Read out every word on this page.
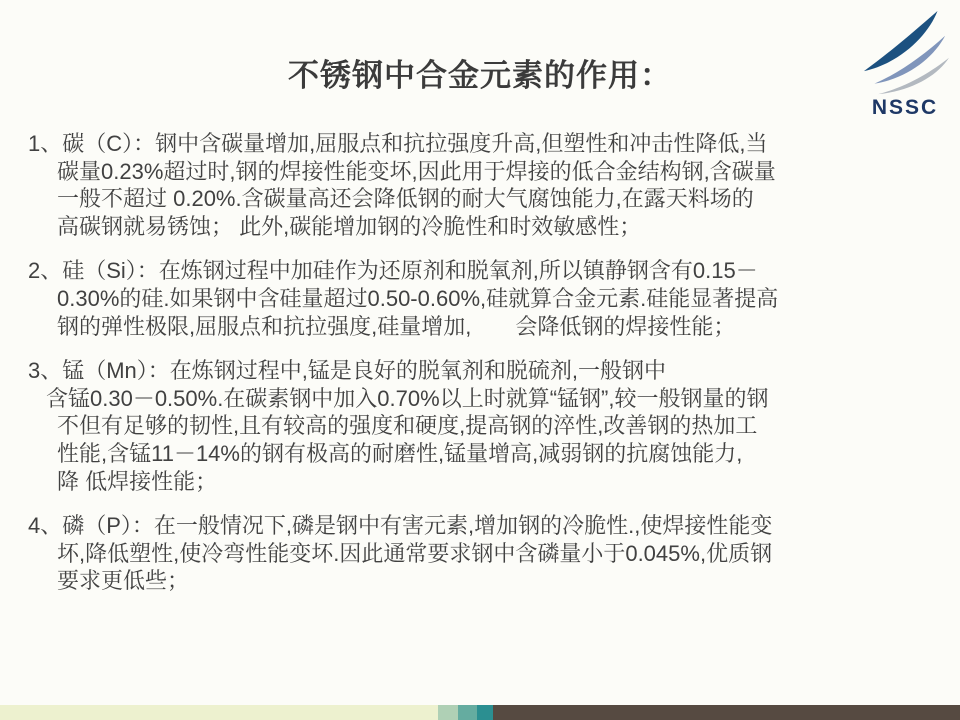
不锈钢中合金元素的作用：
NSSC
1、碳（C）：钢中含碳量增加,屈服点和抗拉强度升高,但塑性和冲击性降低,当
碳量0.23%超过时,钢的焊接性能变坏,因此用于焊接的低合金结构钢,含碳量
一般不超过 0.20%.含碳量高还会降低钢的耐大气腐蚀能力,在露天料场的
高碳钢就易锈蚀； 此外,碳能增加钢的冷脆性和时效敏感性；
2、硅（Si）：在炼钢过程中加硅作为还原剂和脱氧剂,所以镇静钢含有0.15－
0.30%的硅.如果钢中含硅量超过0.50-0.60%,硅就算合金元素.硅能显著提高
钢的弹性极限,屈服点和抗拉强度,硅量增加,　　会降低钢的焊接性能；
3、锰（Mn）：在炼钢过程中,锰是良好的脱氧剂和脱硫剂,一般钢中
含锰0.30－0.50%.在碳素钢中加入0.70%以上时就算“锰钢”,较一般钢量的钢
不但有足够的韧性,且有较高的强度和硬度,提高钢的淬性,改善钢的热加工
性能,含锰11－14%的钢有极高的耐磨性,锰量增高,减弱钢的抗腐蚀能力,
降 低焊接性能；
4、磷（P）：在一般情况下,磷是钢中有害元素,增加钢的冷脆性.,使焊接性能变
坏,降低塑性,使冷弯性能变坏.因此通常要求钢中含磷量小于0.045%,优质钢
要求更低些；
